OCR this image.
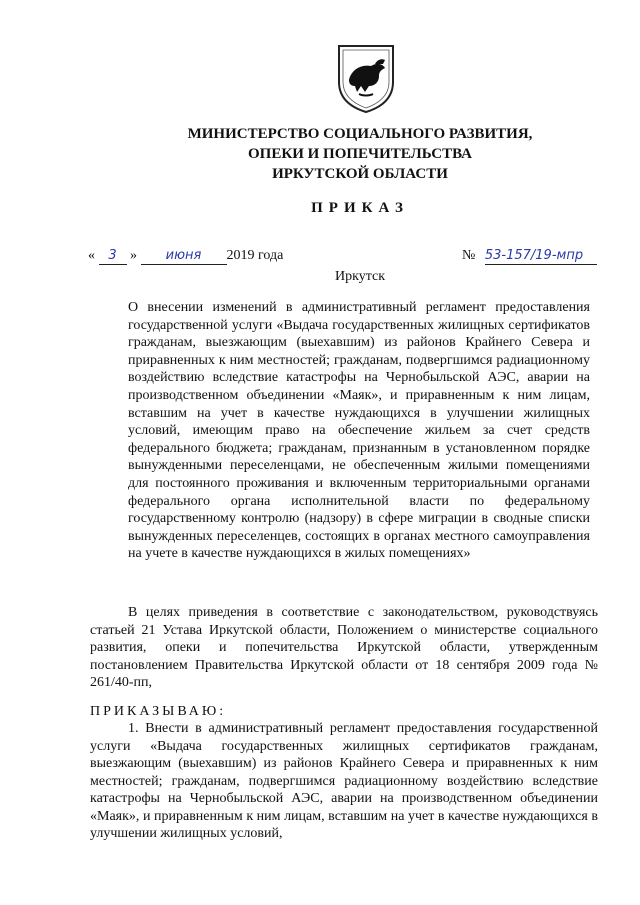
МИНИСТЕРСТВО СОЦИАЛЬНОГО РАЗВИТИЯ,
ОПЕКИ И ПОПЕЧИТЕЛЬСТВА
ИРКУТСКОЙ ОБЛАСТИ
ПРИКАЗ
« 3 » июня 2019 года	№ 53-157/19-мпр
Иркутск
О внесении изменений в административный регламент предоставления государственной услуги «Выдача государственных жилищных сертификатов гражданам, выезжающим (выехавшим) из районов Крайнего Севера и приравненных к ним местностей; гражданам, подвергшимся радиационному воздействию вследствие катастрофы на Чернобыльской АЭС, аварии на производственном объединении «Маяк», и приравненным к ним лицам, вставшим на учет в качестве нуждающихся в улучшении жилищных условий, имеющим право на обеспечение жильем за счет средств федерального бюджета; гражданам, признанным в установленном порядке вынужденными переселенцами, не обеспеченным жилыми помещениями для постоянного проживания и включенным территориальными органами федерального органа исполнительной власти по федеральному государственному контролю (надзору) в сфере миграции в сводные списки вынужденных переселенцев, состоящих в органах местного самоуправления на учете в качестве нуждающихся в жилых помещениях»
В целях приведения в соответствие с законодательством, руководствуясь статьей 21 Устава Иркутской области, Положением о министерстве социального развития, опеки и попечительства Иркутской области, утвержденным постановлением Правительства Иркутской области от 18 сентября 2009 года № 261/40-пп,
ПРИКАЗЫВАЮ:
1. Внести в административный регламент предоставления государственной услуги «Выдача государственных жилищных сертификатов гражданам, выезжающим (выехавшим) из районов Крайнего Севера и приравненных к ним местностей; гражданам, подвергшимся радиационному воздействию вследствие катастрофы на Чернобыльской АЭС, аварии на производственном объединении «Маяк», и приравненным к ним лицам, вставшим на учет в качестве нуждающихся в улучшении жилищных условий,
